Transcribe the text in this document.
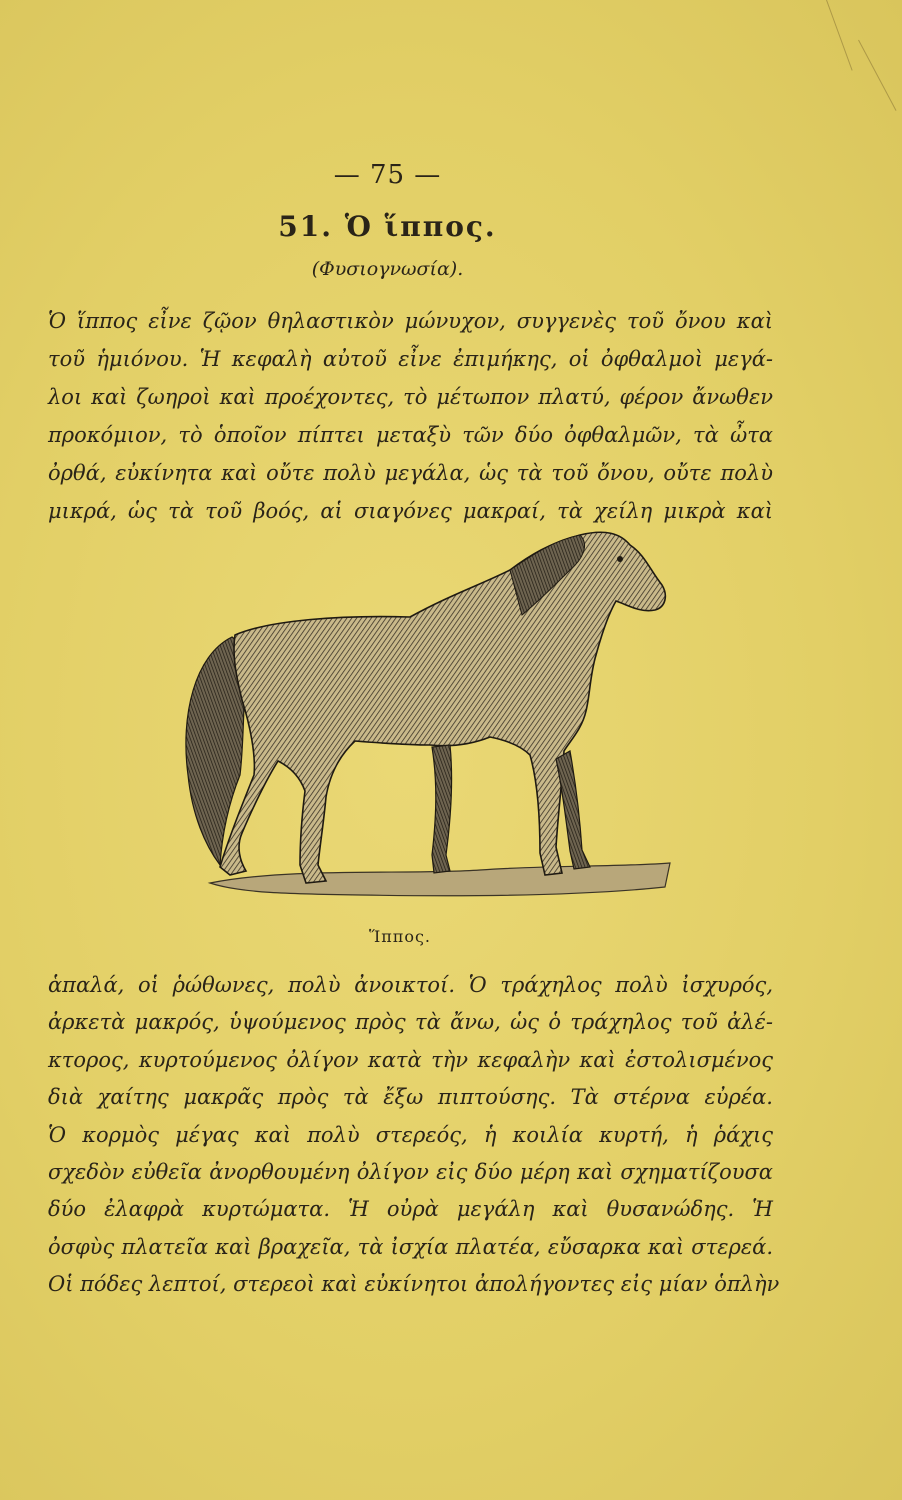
— 75 —
51. Ὁ ἵππος.
(Φυσιογνωσία).
Ὁ ἵππος εἶνε ζῷον θηλαστικὸν μώνυχον, συγγενὲς τοῦ ὄνου καὶ
τοῦ ἡμιόνου. Ἡ κεφαλὴ αὐτοῦ εἶνε ἐπιμήκης, οἱ ὀφθαλμοὶ μεγά-
λοι καὶ ζωηροὶ καὶ προέχοντες, τὸ μέτωπον πλατύ, φέρον ἄνωθεν
προκόμιον, τὸ ὁποῖον πίπτει μεταξὺ τῶν δύο ὀφθαλμῶν, τὰ ὦτα
ὀρθά, εὐκίνητα καὶ οὔτε πολὺ μεγάλα, ὡς τὰ τοῦ ὄνου, οὔτε πολὺ
μικρά, ὡς τὰ τοῦ βοός, αἱ σιαγόνες μακραί, τὰ χείλη μικρὰ καὶ
Ἵππος.
ἁπαλά, οἱ ῥώθωνες, πολὺ ἀνοικτοί. Ὁ τράχηλος πολὺ ἰσχυρός,
ἀρκετὰ μακρός, ὑψούμενος πρὸς τὰ ἄνω, ὡς ὁ τράχηλος τοῦ ἀλέ-
κτορος, κυρτούμενος ὀλίγον κατὰ τὴν κεφαλὴν καὶ ἐστολισμένος
διὰ χαίτης μακρᾶς πρὸς τὰ ἔξω πιπτούσης. Τὰ στέρνα εὐρέα.
Ὁ κορμὸς μέγας καὶ πολὺ στερεός, ἡ κοιλία κυρτή, ἡ ῥάχις
σχεδὸν εὐθεῖα ἀνορθουμένη ὀλίγον εἰς δύο μέρη καὶ σχηματίζουσα
δύο ἐλαφρὰ κυρτώματα. Ἡ οὐρὰ μεγάλη καὶ θυσανώδης. Ἡ
ὀσφὺς πλατεῖα καὶ βραχεῖα, τὰ ἰσχία πλατέα, εὔσαρκα καὶ στερεά.
Οἱ πόδες λεπτοί, στερεοὶ καὶ εὐκίνητοι ἀπολήγοντες εἰς μίαν ὁπλὴν
